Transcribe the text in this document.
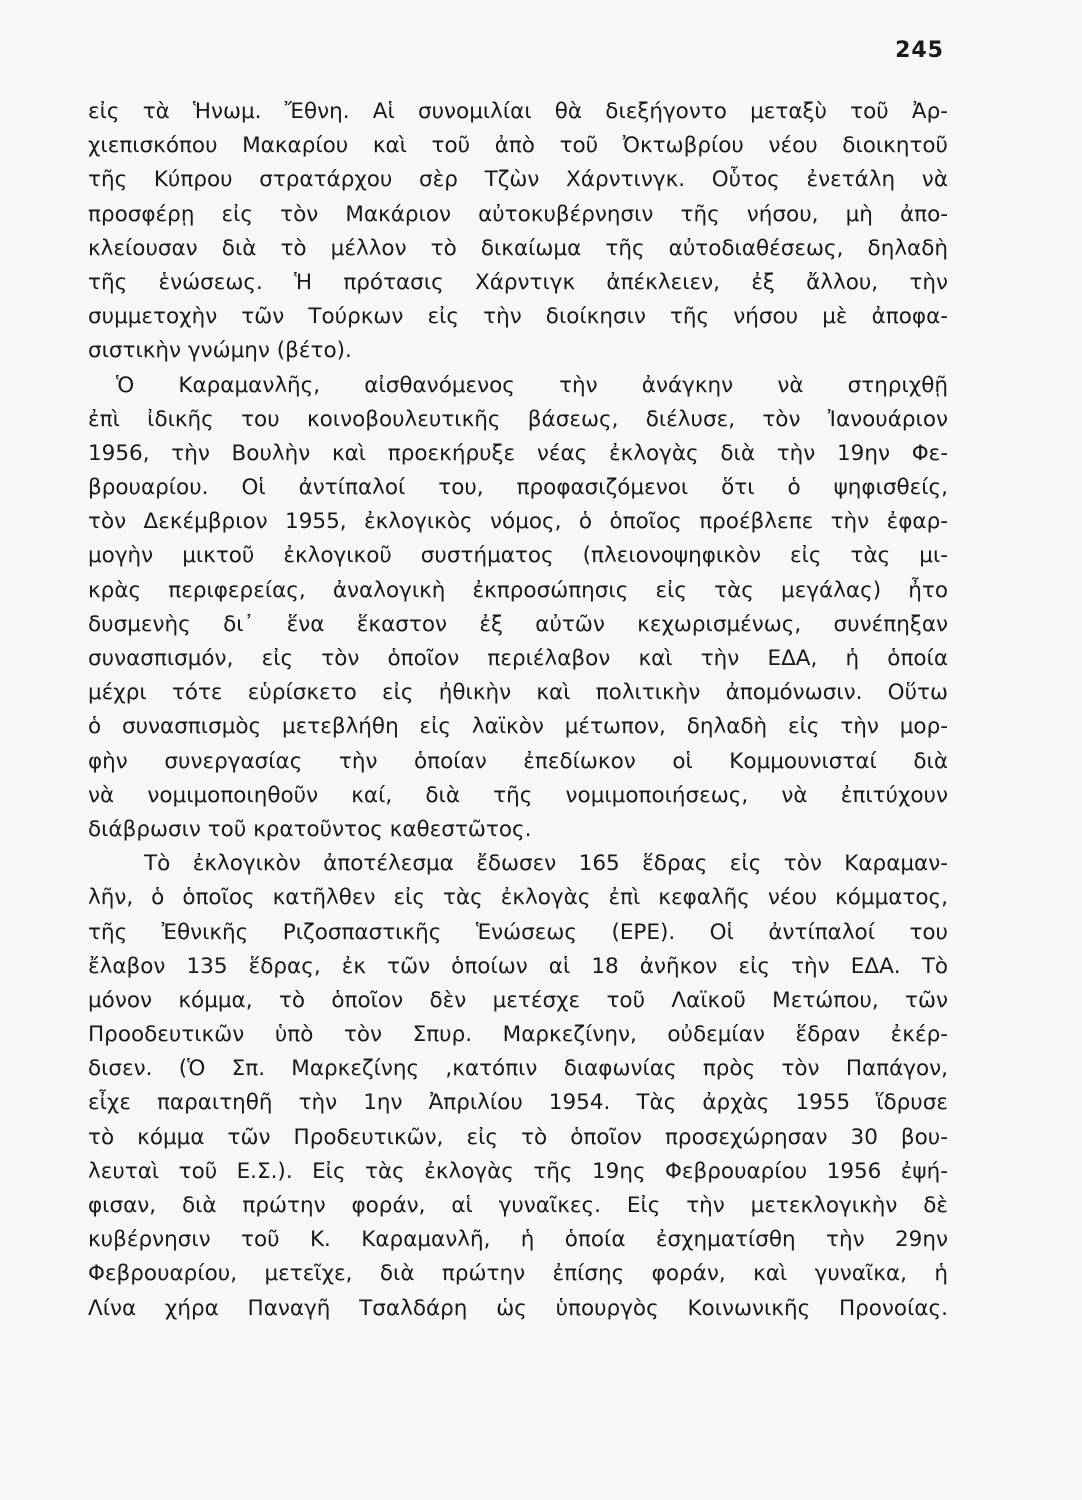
245
εἰς τὰ Ἡνωμ. Ἔθνη. Αἱ συνομιλίαι θὰ διεξήγοντο μεταξὺ τοῦ Ἀρ-
χιεπισκόπου Μακαρίου καὶ τοῦ ἀπὸ τοῦ Ὀκτωβρίου νέου διοικητοῦ
τῆς Κύπρου στρατάρχου σὲρ Τζὼν Χάρντινγκ. Οὗτος ἐνετάλη νὰ
προσφέρῃ εἰς τὸν Μακάριον αὐτοκυβέρνησιν τῆς νήσου, μὴ ἀπο-
κλείουσαν διὰ τὸ μέλλον τὸ δικαίωμα τῆς αὐτοδιαθέσεως, δηλαδὴ
τῆς ἑνώσεως. Ἡ πρότασις Χάρντιγκ ἀπέκλειεν, ἐξ ἄλλου, τὴν
συμμετοχὴν τῶν Τούρκων εἰς τὴν διοίκησιν τῆς νήσου μὲ ἀποφα-
σιστικὴν γνώμην (βέτο).
Ὁ Καραμανλῆς, αἰσθανόμενος τὴν ἀνάγκην νὰ στηριχθῇ
ἐπὶ ἰδικῆς του κοινοβουλευτικῆς βάσεως, διέλυσε, τὸν Ἰανουάριον
1956, τὴν Βουλὴν καὶ προεκήρυξε νέας ἐκλογὰς διὰ τὴν 19ην Φε-
βρουαρίου. Οἱ ἀντίπαλοί του, προφασιζόμενοι ὅτι ὁ ψηφισθείς,
τὸν Δεκέμβριον 1955, ἐκλογικὸς νόμος, ὁ ὁποῖος προέβλεπε τὴν ἐφαρ-
μογὴν μικτοῦ ἐκλογικοῦ συστήματος (πλειονοψηφικὸν εἰς τὰς μι-
κρὰς περιφερείας, ἀναλογικὴ ἐκπροσώπησις εἰς τὰς μεγάλας) ἦτο
δυσμενὴς δι᾽ ἕνα ἕκαστον ἐξ αὐτῶν κεχωρισμένως, συνέπηξαν
συνασπισμόν, εἰς τὸν ὁποῖον περιέλαβον καὶ τὴν ΕΔΑ, ἡ ὁποία
μέχρι τότε εὑρίσκετο εἰς ἠθικὴν καὶ πολιτικὴν ἀπομόνωσιν. Οὕτω
ὁ συνασπισμὸς μετεβλήθη εἰς λαϊκὸν μέτωπον, δηλαδὴ εἰς τὴν μορ-
φὴν συνεργασίας τὴν ὁποίαν ἐπεδίωκον οἱ Κομμουνισταί διὰ
νὰ νομιμοποιηθοῦν καί, διὰ τῆς νομιμοποιήσεως, νὰ ἐπιτύχουν
διάβρωσιν τοῦ κρατοῦντος καθεστῶτος.
Τὸ ἐκλογικὸν ἀποτέλεσμα ἔδωσεν 165 ἕδρας εἰς τὸν Καραμαν-
λῆν, ὁ ὁποῖος κατῆλθεν εἰς τὰς ἐκλογὰς ἐπὶ κεφαλῆς νέου κόμματος,
τῆς Ἐθνικῆς Ριζοσπαστικῆς Ἑνώσεως (ΕΡΕ). Οἱ ἀντίπαλοί του
ἔλαβον 135 ἕδρας, ἐκ τῶν ὁποίων αἱ 18 ἀνῆκον εἰς τὴν ΕΔΑ. Τὸ
μόνον κόμμα, τὸ ὁποῖον δὲν μετέσχε τοῦ Λαϊκοῦ Μετώπου, τῶν
Προοδευτικῶν ὑπὸ τὸν Σπυρ. Μαρκεζίνην, οὐδεμίαν ἕδραν ἐκέρ-
δισεν. (Ὁ Σπ. Μαρκεζίνης ,κατόπιν διαφωνίας πρὸς τὸν Παπάγον,
εἶχε παραιτηθῆ τὴν 1ην Ἀπριλίου 1954. Τὰς ἀρχὰς 1955 ἵδρυσε
τὸ κόμμα τῶν Προδευτικῶν, εἰς τὸ ὁποῖον προσεχώρησαν 30 βου-
λευταὶ τοῦ Ε.Σ.). Εἰς τὰς ἐκλογὰς τῆς 19ης Φεβρουαρίου 1956 ἐψή-
φισαν, διὰ πρώτην φοράν, αἱ γυναῖκες. Εἰς τὴν μετεκλογικὴν δὲ
κυβέρνησιν τοῦ Κ. Καραμανλῆ, ἡ ὁποία ἐσχηματίσθη τὴν 29ην
Φεβρουαρίου, μετεῖχε, διὰ πρώτην ἐπίσης φοράν, καὶ γυναῖκα, ἡ
Λίνα χήρα Παναγῆ Τσαλδάρη ὡς ὑπουργὸς Κοινωνικῆς Προνοίας.
